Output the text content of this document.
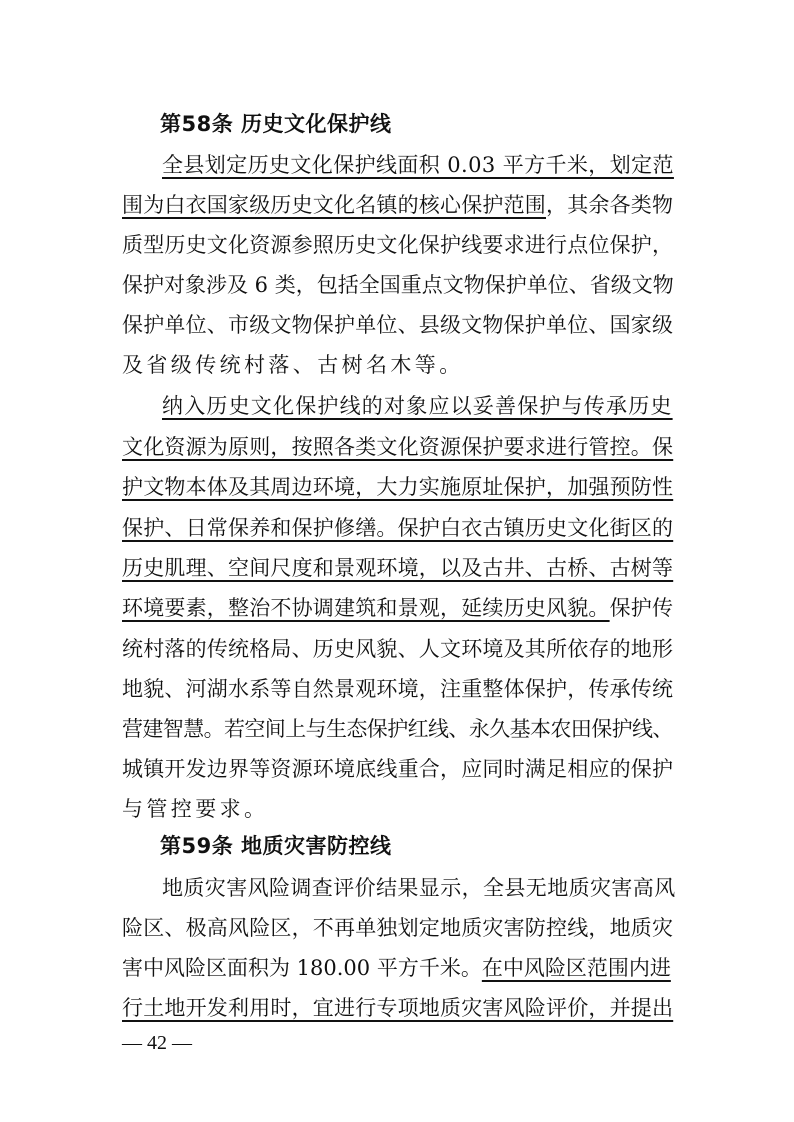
第58条 历史文化保护线
全县划定历史文化保护线面积 0.03 平方千米，划定范
围为白衣国家级历史文化名镇的核心保护范围，其余各类物
质型历史文化资源参照历史文化保护线要求进行点位保护，
保护对象涉及 6 类，包括全国重点文物保护单位、省级文物
保护单位、市级文物保护单位、县级文物保护单位、国家级
及省级传统村落、古树名木等。
纳入历史文化保护线的对象应以妥善保护与传承历史
文化资源为原则，按照各类文化资源保护要求进行管控。保
护文物本体及其周边环境，大力实施原址保护，加强预防性
保护、日常保养和保护修缮。保护白衣古镇历史文化街区的
历史肌理、空间尺度和景观环境，以及古井、古桥、古树等
环境要素，整治不协调建筑和景观，延续历史风貌。保护传
统村落的传统格局、历史风貌、人文环境及其所依存的地形
地貌、河湖水系等自然景观环境，注重整体保护，传承传统
营建智慧。若空间上与生态保护红线、永久基本农田保护线、
城镇开发边界等资源环境底线重合，应同时满足相应的保护
与管控要求。
第59条 地质灾害防控线
地质灾害风险调查评价结果显示，全县无地质灾害高风
险区、极高风险区，不再单独划定地质灾害防控线，地质灾
害中风险区面积为 180.00 平方千米。在中风险区范围内进
行土地开发利用时，宜进行专项地质灾害风险评价，并提出
— 42 —
